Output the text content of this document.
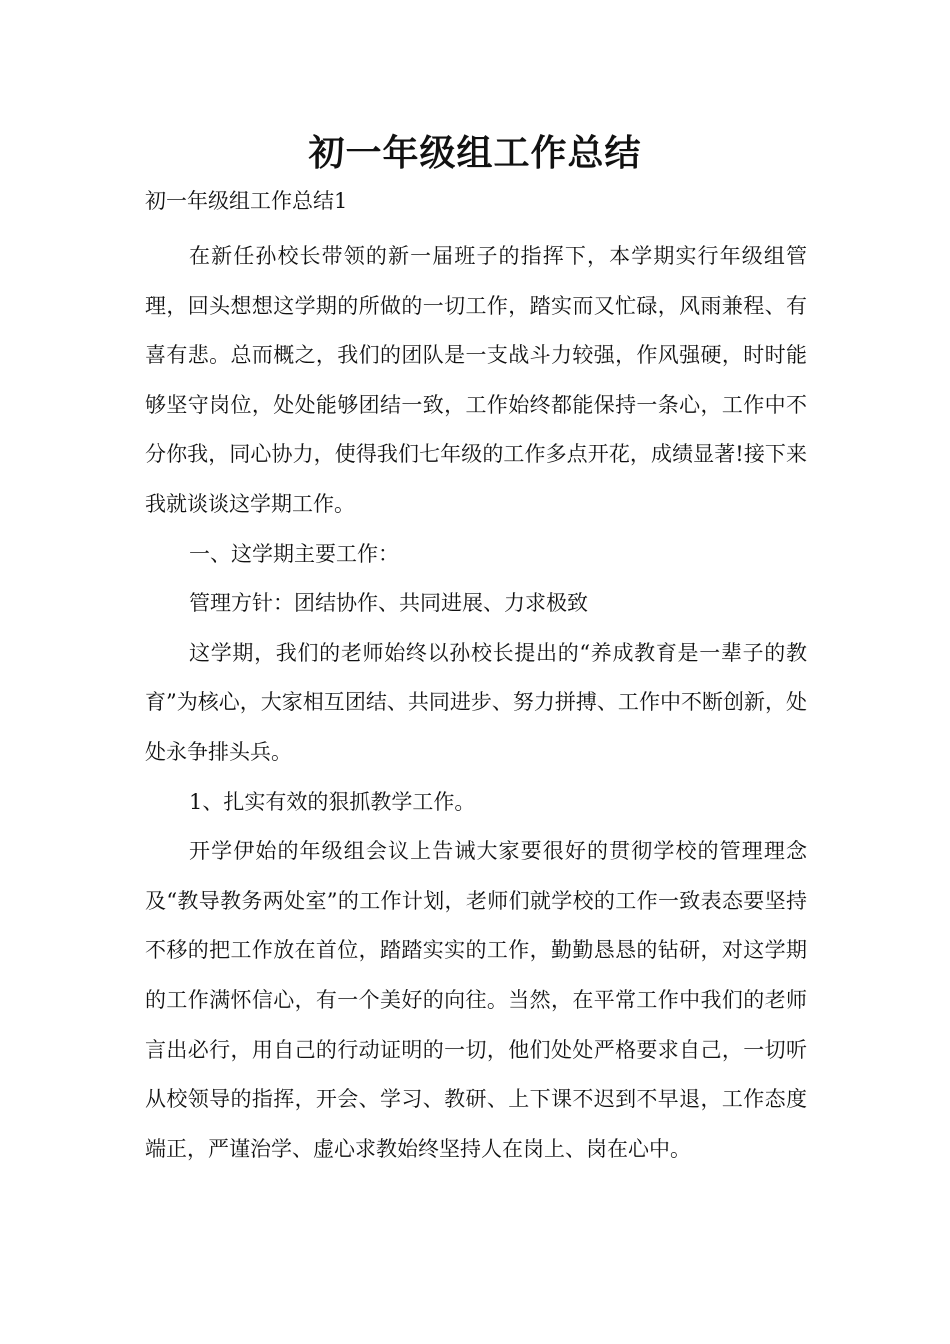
初一年级组工作总结

初一年级组工作总结1

在新任孙校长带领的新一届班子的指挥下，本学期实行年级组管理，回头想想这学期的所做的一切工作，踏实而又忙碌，风雨兼程、有喜有悲。总而概之，我们的团队是一支战斗力较强，作风强硬，时时能够坚守岗位，处处能够团结一致，工作始终都能保持一条心，工作中不分你我，同心协力，使得我们七年级的工作多点开花，成绩显著!接下来我就谈谈这学期工作。

一、这学期主要工作：

管理方针：团结协作、共同进展、力求极致

这学期，我们的老师始终以孙校长提出的“养成教育是一辈子的教育”为核心，大家相互团结、共同进步、努力拼搏、工作中不断创新，处处永争排头兵。

1、扎实有效的狠抓教学工作。

开学伊始的年级组会议上告诫大家要很好的贯彻学校的管理理念及“教导教务两处室”的工作计划，老师们就学校的工作一致表态要坚持不移的把工作放在首位，踏踏实实的工作，勤勤恳恳的钻研，对这学期的工作满怀信心，有一个美好的向往。当然，在平常工作中我们的老师言出必行，用自己的行动证明的一切，他们处处严格要求自己，一切听从校领导的指挥，开会、学习、教研、上下课不迟到不早退，工作态度端正，严谨治学、虚心求教始终坚持人在岗上、岗在心中。
